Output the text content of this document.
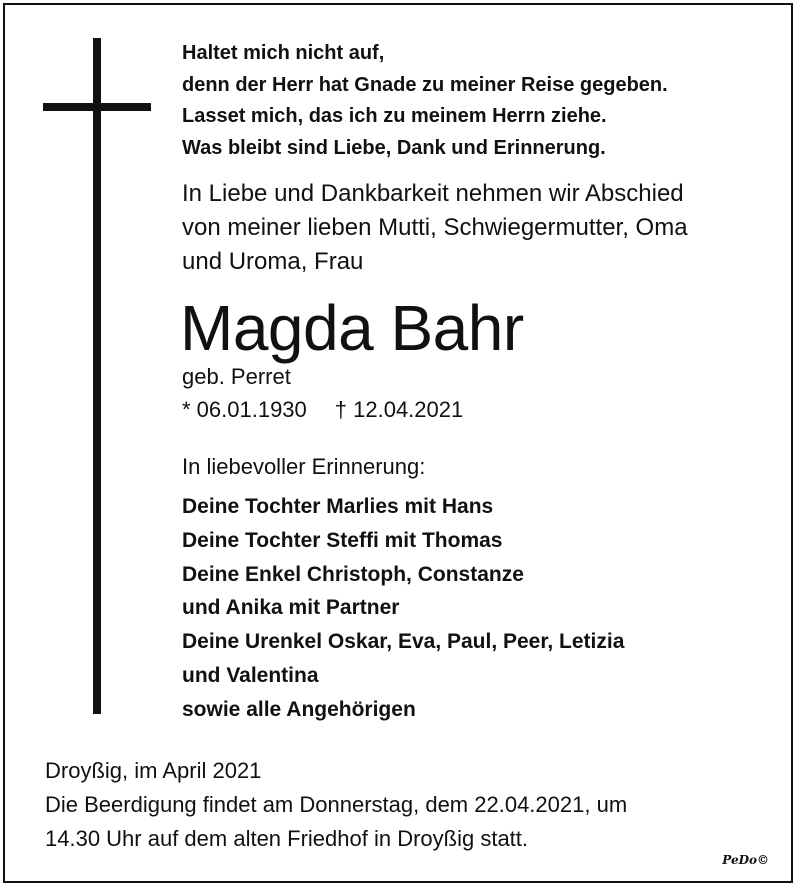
Haltet mich nicht auf,
denn der Herr hat Gnade zu meiner Reise gegeben.
Lasset mich, das ich zu meinem Herrn ziehe.
Was bleibt sind Liebe, Dank und Erinnerung.
In Liebe und Dankbarkeit nehmen wir Abschied
von meiner lieben Mutti, Schwiegermutter, Oma
und Uroma, Frau
Magda Bahr
geb. Perret
* 06.01.1930 † 12.04.2021
In liebevoller Erinnerung:
Deine Tochter Marlies mit Hans
Deine Tochter Steffi mit Thomas
Deine Enkel Christoph, Constanze
und Anika mit Partner
Deine Urenkel Oskar, Eva, Paul, Peer, Letizia
und Valentina
sowie alle Angehörigen
Droyßig, im April 2021
Die Beerdigung findet am Donnerstag, dem 22.04.2021, um
14.30 Uhr auf dem alten Friedhof in Droyßig statt.
PeDo©
